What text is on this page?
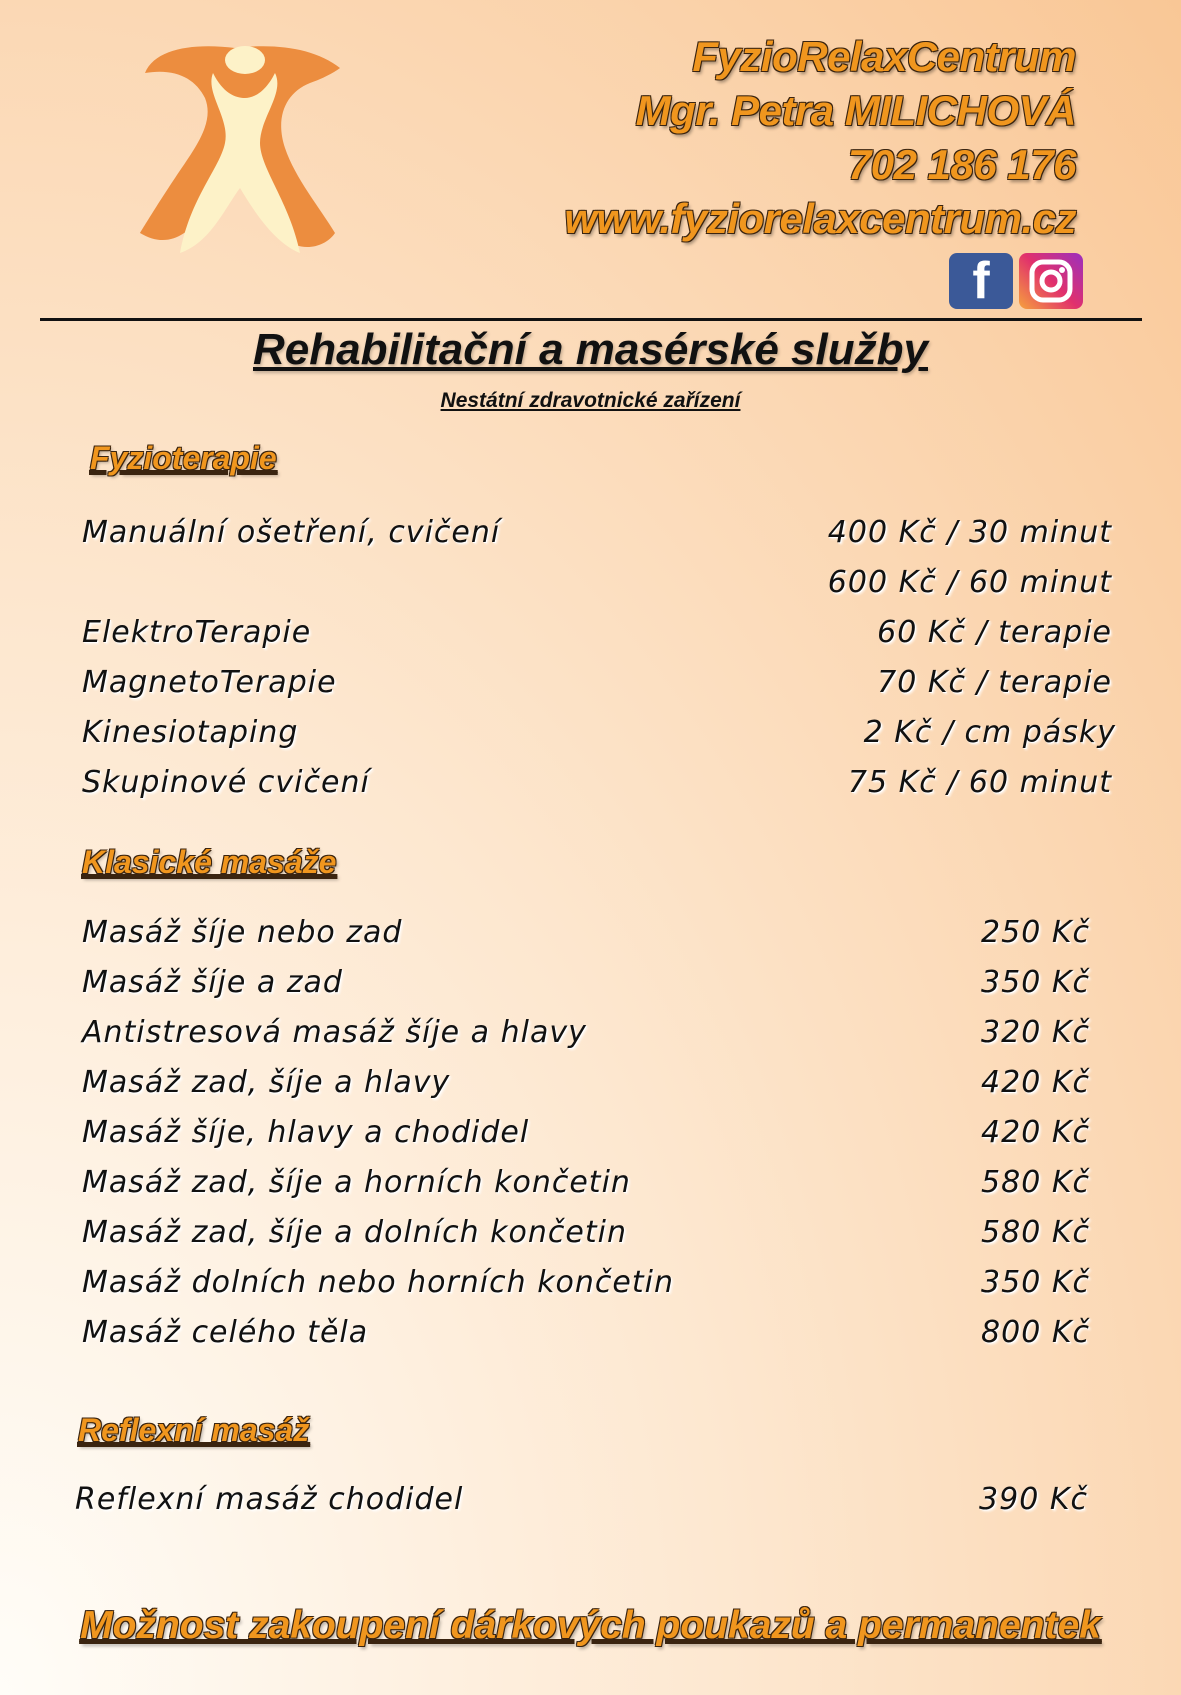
FyzioRelaxCentrum
Mgr. Petra MILICHOVÁ
702 186 176
www.fyziorelaxcentrum.cz
f
Rehabilitační a masérské služby
Nestátní zdravotnické zařízení
Fyzioterapie
Manuální ošetření, cvičení	400 Kč / 30 minut
600 Kč / 60 minut
ElektroTerapie	60 Kč / terapie
MagnetoTerapie	70 Kč / terapie
Kinesiotaping	2 Kč / cm pásky
Skupinové cvičení	75 Kč / 60 minut
Klasické masáže
Masáž šíje nebo zad	250 Kč
Masáž šíje a zad	350 Kč
Antistresová masáž šíje a hlavy	320 Kč
Masáž zad, šíje a hlavy	420 Kč
Masáž šíje, hlavy a chodidel	420 Kč
Masáž zad, šíje a horních končetin	580 Kč
Masáž zad, šíje a dolních končetin	580 Kč
Masáž dolních nebo horních končetin	350 Kč
Masáž celého těla	800 Kč
Reflexní masáž
Reflexní masáž chodidel	390 Kč
Možnost zakoupení dárkových poukazů a permanentek
